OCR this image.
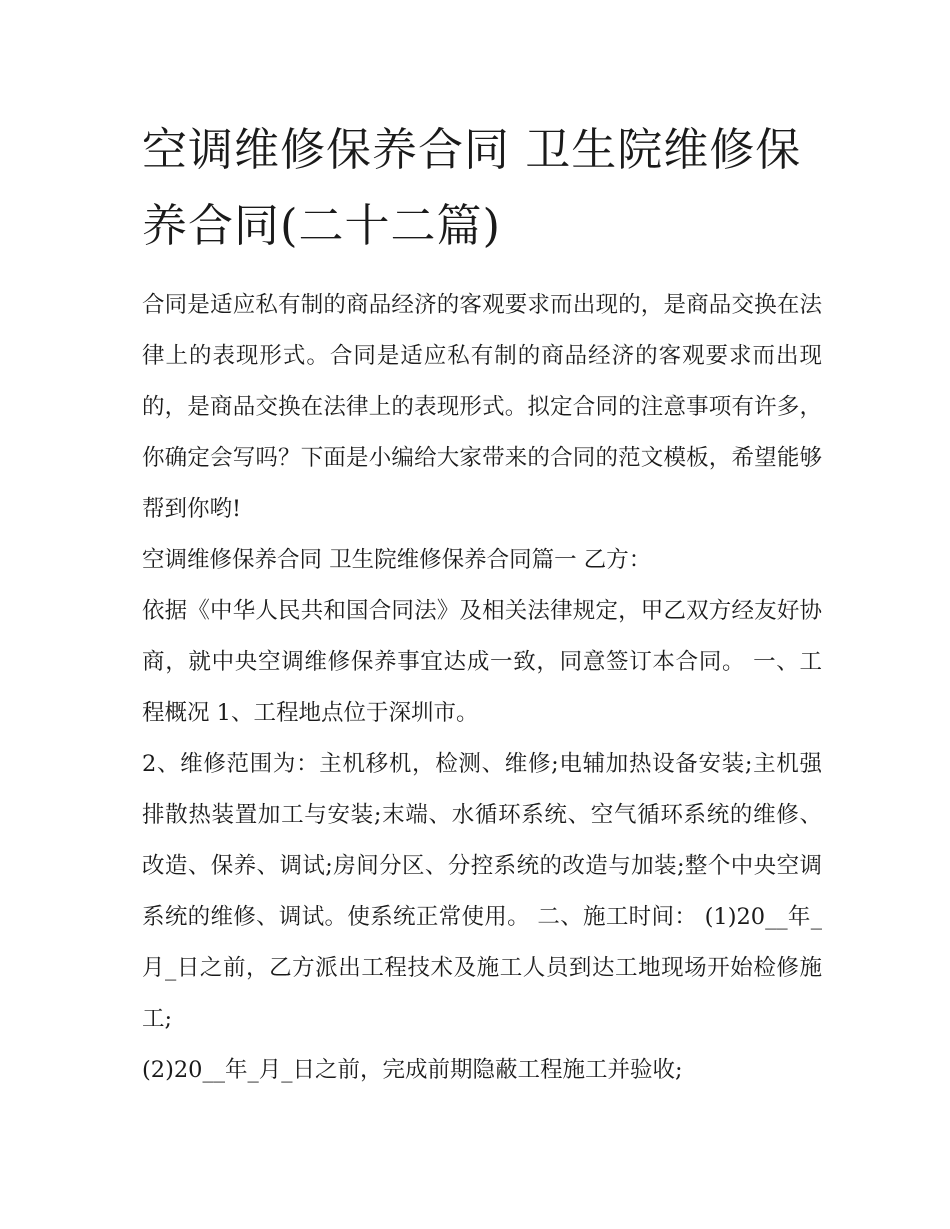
空调维修保养合同 卫生院维修保养合同(二十二篇)

合同是适应私有制的商品经济的客观要求而出现的，是商品交换在法律上的表现形式。合同是适应私有制的商品经济的客观要求而出现的，是商品交换在法律上的表现形式。拟定合同的注意事项有许多，你确定会写吗？下面是小编给大家带来的合同的范文模板，希望能够帮到你哟!

空调维修保养合同 卫生院维修保养合同篇一 乙方：

依据《中华人民共和国合同法》及相关法律规定，甲乙双方经友好协商，就中央空调维修保养事宜达成一致，同意签订本合同。 一、工程概况 1、工程地点位于深圳市。

2、维修范围为：主机移机，检测、维修;电辅加热设备安装;主机强排散热装置加工与安装;末端、水循环系统、空气循环系统的维修、改造、保养、调试;房间分区、分控系统的改造与加装;整个中央空调系统的维修、调试。使系统正常使用。 二、施工时间： (1)20__年_月_日之前，乙方派出工程技术及施工人员到达工地现场开始检修施工;

(2)20__年_月_日之前，完成前期隐蔽工程施工并验收;
